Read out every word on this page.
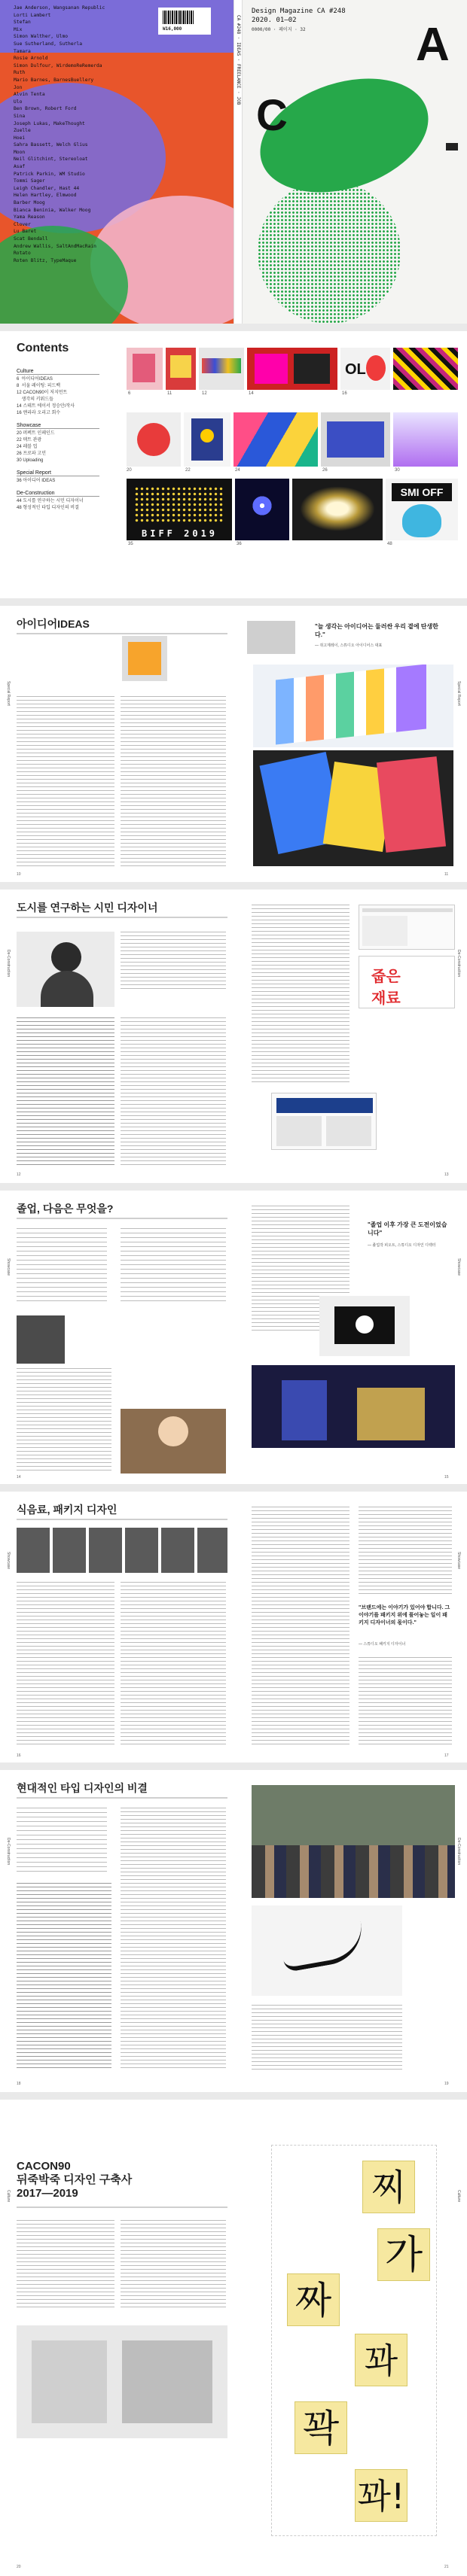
Jae Anderson, Wangsanan Republic
Lorti Lambert
Stefan
Mix
Simon Walther, Ulmo
Sue Sutherland, Sutherla
Tamara
Rosie Arnold
Simon Dulfour, WirdemoReRemerda
Ruth
Mario Barnes, BarnesBuellery
Jon
Alvin Tenta
Ulo
Ben Brown, Robert Ford
Sina
Joseph Lukas, MakeThought
Zuelle
Hoei
Sahra Bassett, Welch Glius
Moon
Neil Glitchint, Stereoloat
Asaf
Patrick Parkin, WM Studio
Tommi Sager
Leigh Chandler, Hast 44
Helen Hartley, Elmwood
Barber Moog
Bianca Beninia, Walker Moog
Yama Reason
Clover
Lu Baret
Scat Bendall
Andrew Wallis, SaltAndMacRain
Rotato
Roten Blitz, TypeMaque
W16,000	CA #248 · IDEAS · FREELANCE · JOB
Design Magazine CA #248
2020. 01—02
0000/00 · 페이지 · 32 A
C
Contents
Culture
6  아이디어IDEAS
8  서울 레이팅: 피드백
12 CACON90이 저지먼트
생각의 키워드들
14 스테트 에이서 정승안/작사
16 앤리라 오리고 회수
Showcase
20 퍼펙트 인페인드
22 텍트 관광
24 레블 업
26 프로파 고민
30 Uploading
Special Report
36 아이디어 IDEAS
De-Construction
44 도시를 연구하는 시민 디자이너
48 형성적인 타입 디자인의 비결
OL
BIFF 2019
SMI OFF
6	11	12	14	16
20	22	24	26	30
35	36	48
아이디어IDEAS
Special Report
10
"늘 생각는 아이디어는 둘러싼 우리 곁에 탄생한다."
— 쥐고제레이, 스튜디오 아이디어스 대표
11
Special Report
도시를 연구하는 시민 디자이너
De-Construction
12
줍은
재료
13
De-Construction
졸업, 다음은 무엇을?
Showcase
14
"졸업 이후 가장 큰 도전이었습니다"
— 졸업작 피오트, 스튜디오 디자인 디렉터
15
Showcase
식음료, 패키지 디자인
Showcase
16
"브랜드에는 이야기가 있어야 합니다. 그 이야기를 패키지 위에 풀어놓는 일이 패키지 디자이너의 몫이다."
— 스튜디오 패키지 디자이너
17
Showcase
현대적인 타입 디자인의 비결
De-Construction
18	19
De-Construction
CACON90
뒤죽박죽 디자인 구축사
2017—2019
Culture
20
찌
가
짜
꽈
꽉
꽈!
21
Culture
